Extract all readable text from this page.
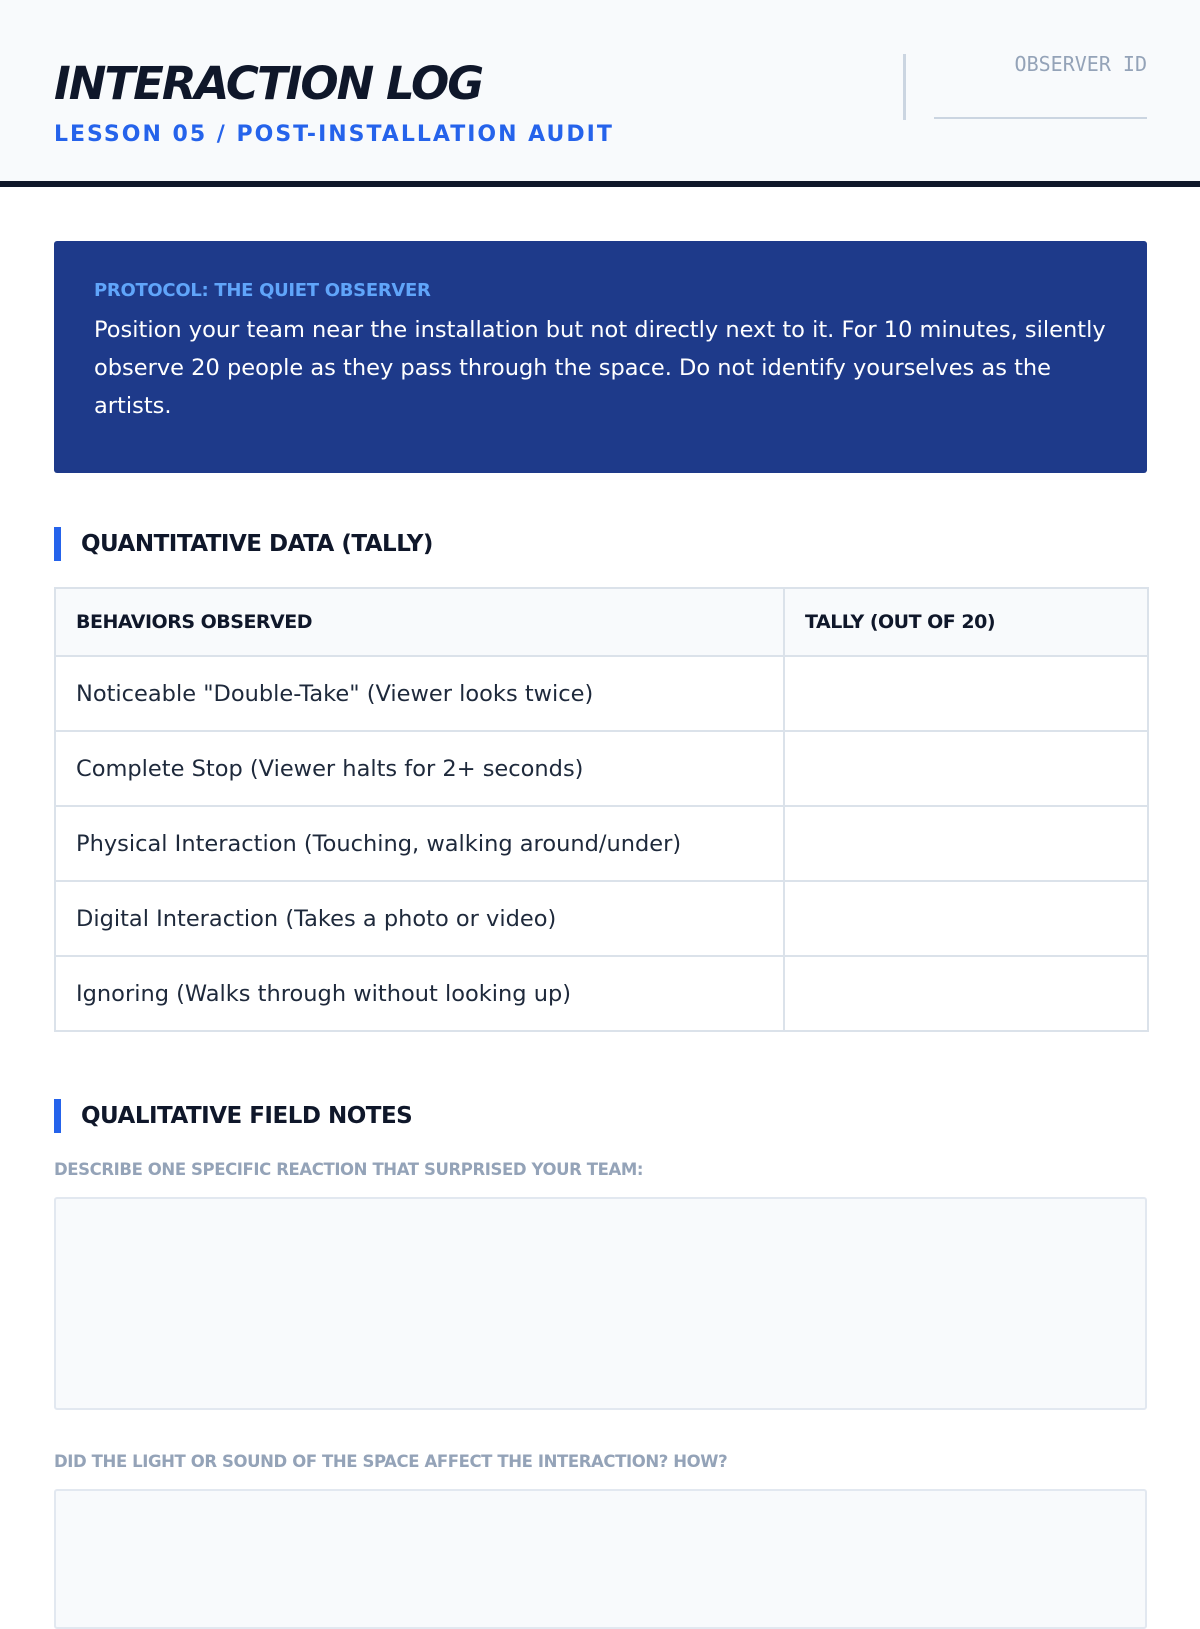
INTERACTION LOG
LESSON 05 / POST-INSTALLATION AUDIT
OBSERVER ID
PROTOCOL: THE QUIET OBSERVER

Position your team near the installation but not directly next to it. For 10 minutes, silently observe 20 people as they pass through the space. Do not identify yourselves as the artists.

QUANTITATIVE DATA (TALLY)
BEHAVIORS OBSERVED	TALLY (OUT OF 20)
Noticeable "Double-Take" (Viewer looks twice)	
Complete Stop (Viewer halts for 2+ seconds)	
Physical Interaction (Touching, walking around/under)	
Digital Interaction (Takes a photo or video)	
Ignoring (Walks through without looking up)	
QUALITATIVE FIELD NOTES
DESCRIBE ONE SPECIFIC REACTION THAT SURPRISED YOUR TEAM:
DID THE LIGHT OR SOUND OF THE SPACE AFFECT THE INTERACTION? HOW?
